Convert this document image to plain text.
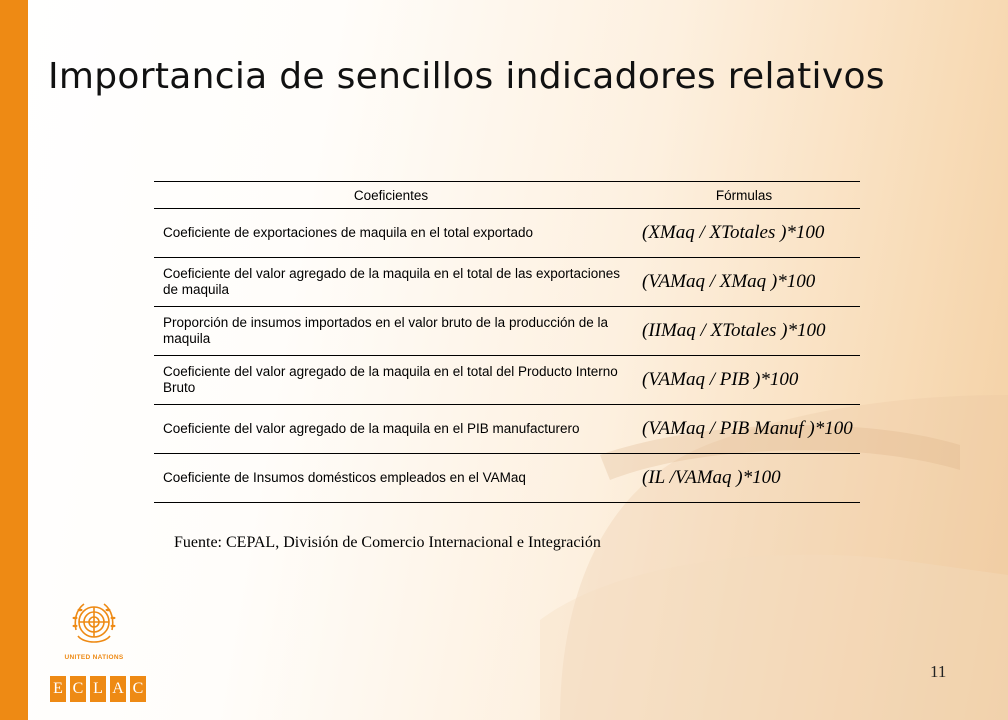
Importancia de sencillos indicadores relativos
Coeficientes	Fórmulas
Coeficiente de exportaciones de maquila en el total exportado	(XMaq / XTotales )*100
Coeficiente del valor agregado de la maquila en el total de las exportaciones de maquila	(VAMaq / XMaq )*100
Proporción de insumos importados en el valor bruto de la producción de la maquila	(IIMaq / XTotales )*100
Coeficiente del valor agregado de la maquila en el total del Producto Interno Bruto	(VAMaq / PIB )*100
Coeficiente del valor agregado de la maquila en el PIB manufacturero	(VAMaq / PIB Manuf )*100
Coeficiente de Insumos domésticos empleados en el VAMaq	(IL /VAMaq )*100
Fuente: CEPAL, División de Comercio Internacional e Integración
UNITED NATIONS
E C L A C
11
